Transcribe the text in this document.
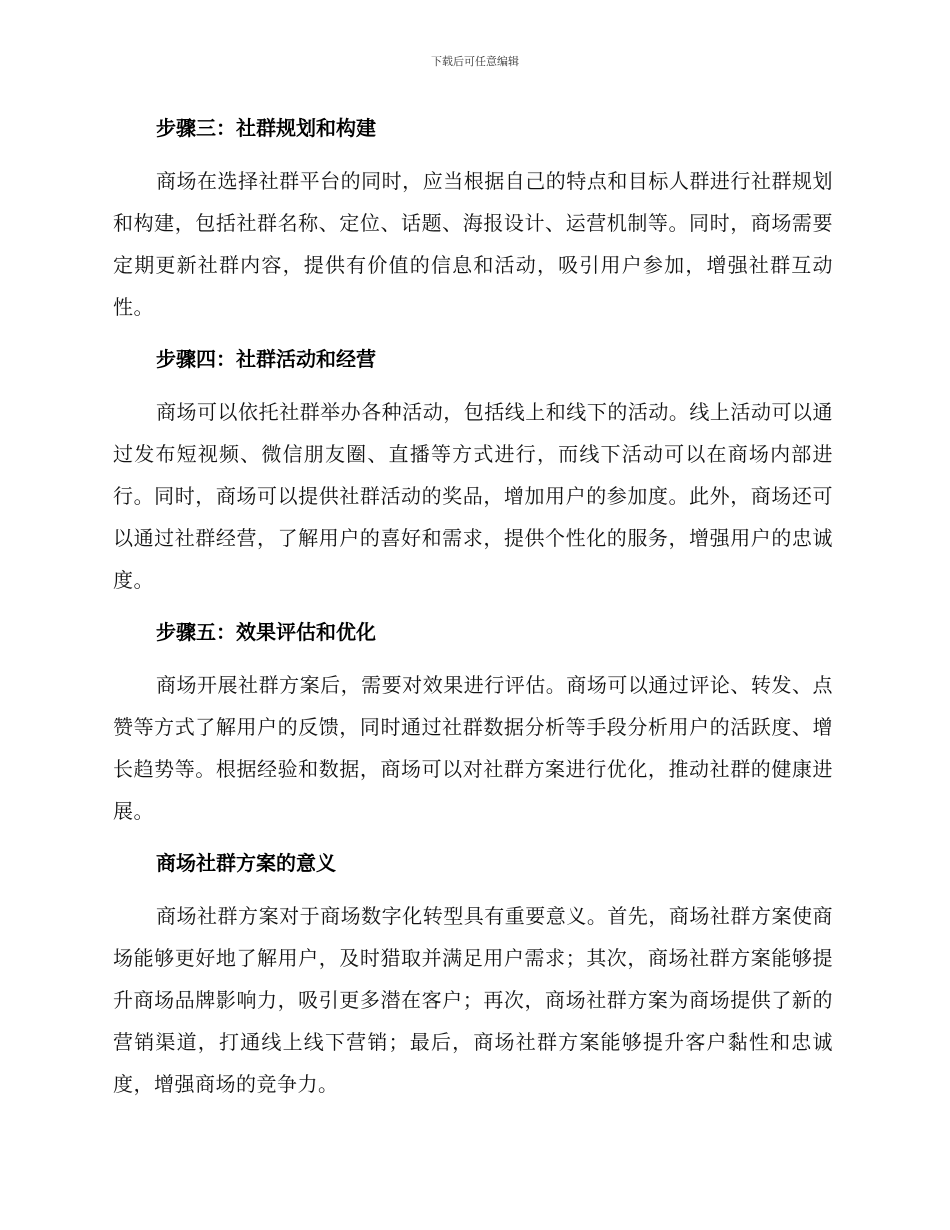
下载后可任意编辑
步骤三：社群规划和构建

商场在选择社群平台的同时，应当根据自己的特点和目标人群进行社群规划和构建，包括社群名称、定位、话题、海报设计、运营机制等。同时，商场需要定期更新社群内容，提供有价值的信息和活动，吸引用户参加，增强社群互动性。

步骤四：社群活动和经营

商场可以依托社群举办各种活动，包括线上和线下的活动。线上活动可以通过发布短视频、微信朋友圈、直播等方式进行，而线下活动可以在商场内部进行。同时，商场可以提供社群活动的奖品，增加用户的参加度。此外，商场还可以通过社群经营，了解用户的喜好和需求，提供个性化的服务，增强用户的忠诚度。

步骤五：效果评估和优化

商场开展社群方案后，需要对效果进行评估。商场可以通过评论、转发、点赞等方式了解用户的反馈，同时通过社群数据分析等手段分析用户的活跃度、增长趋势等。根据经验和数据，商场可以对社群方案进行优化，推动社群的健康进展。

商场社群方案的意义

商场社群方案对于商场数字化转型具有重要意义。首先，商场社群方案使商场能够更好地了解用户，及时猎取并满足用户需求；其次，商场社群方案能够提升商场品牌影响力，吸引更多潜在客户；再次，商场社群方案为商场提供了新的营销渠道，打通线上线下营销；最后，商场社群方案能够提升客户黏性和忠诚度，增强商场的竞争力。
